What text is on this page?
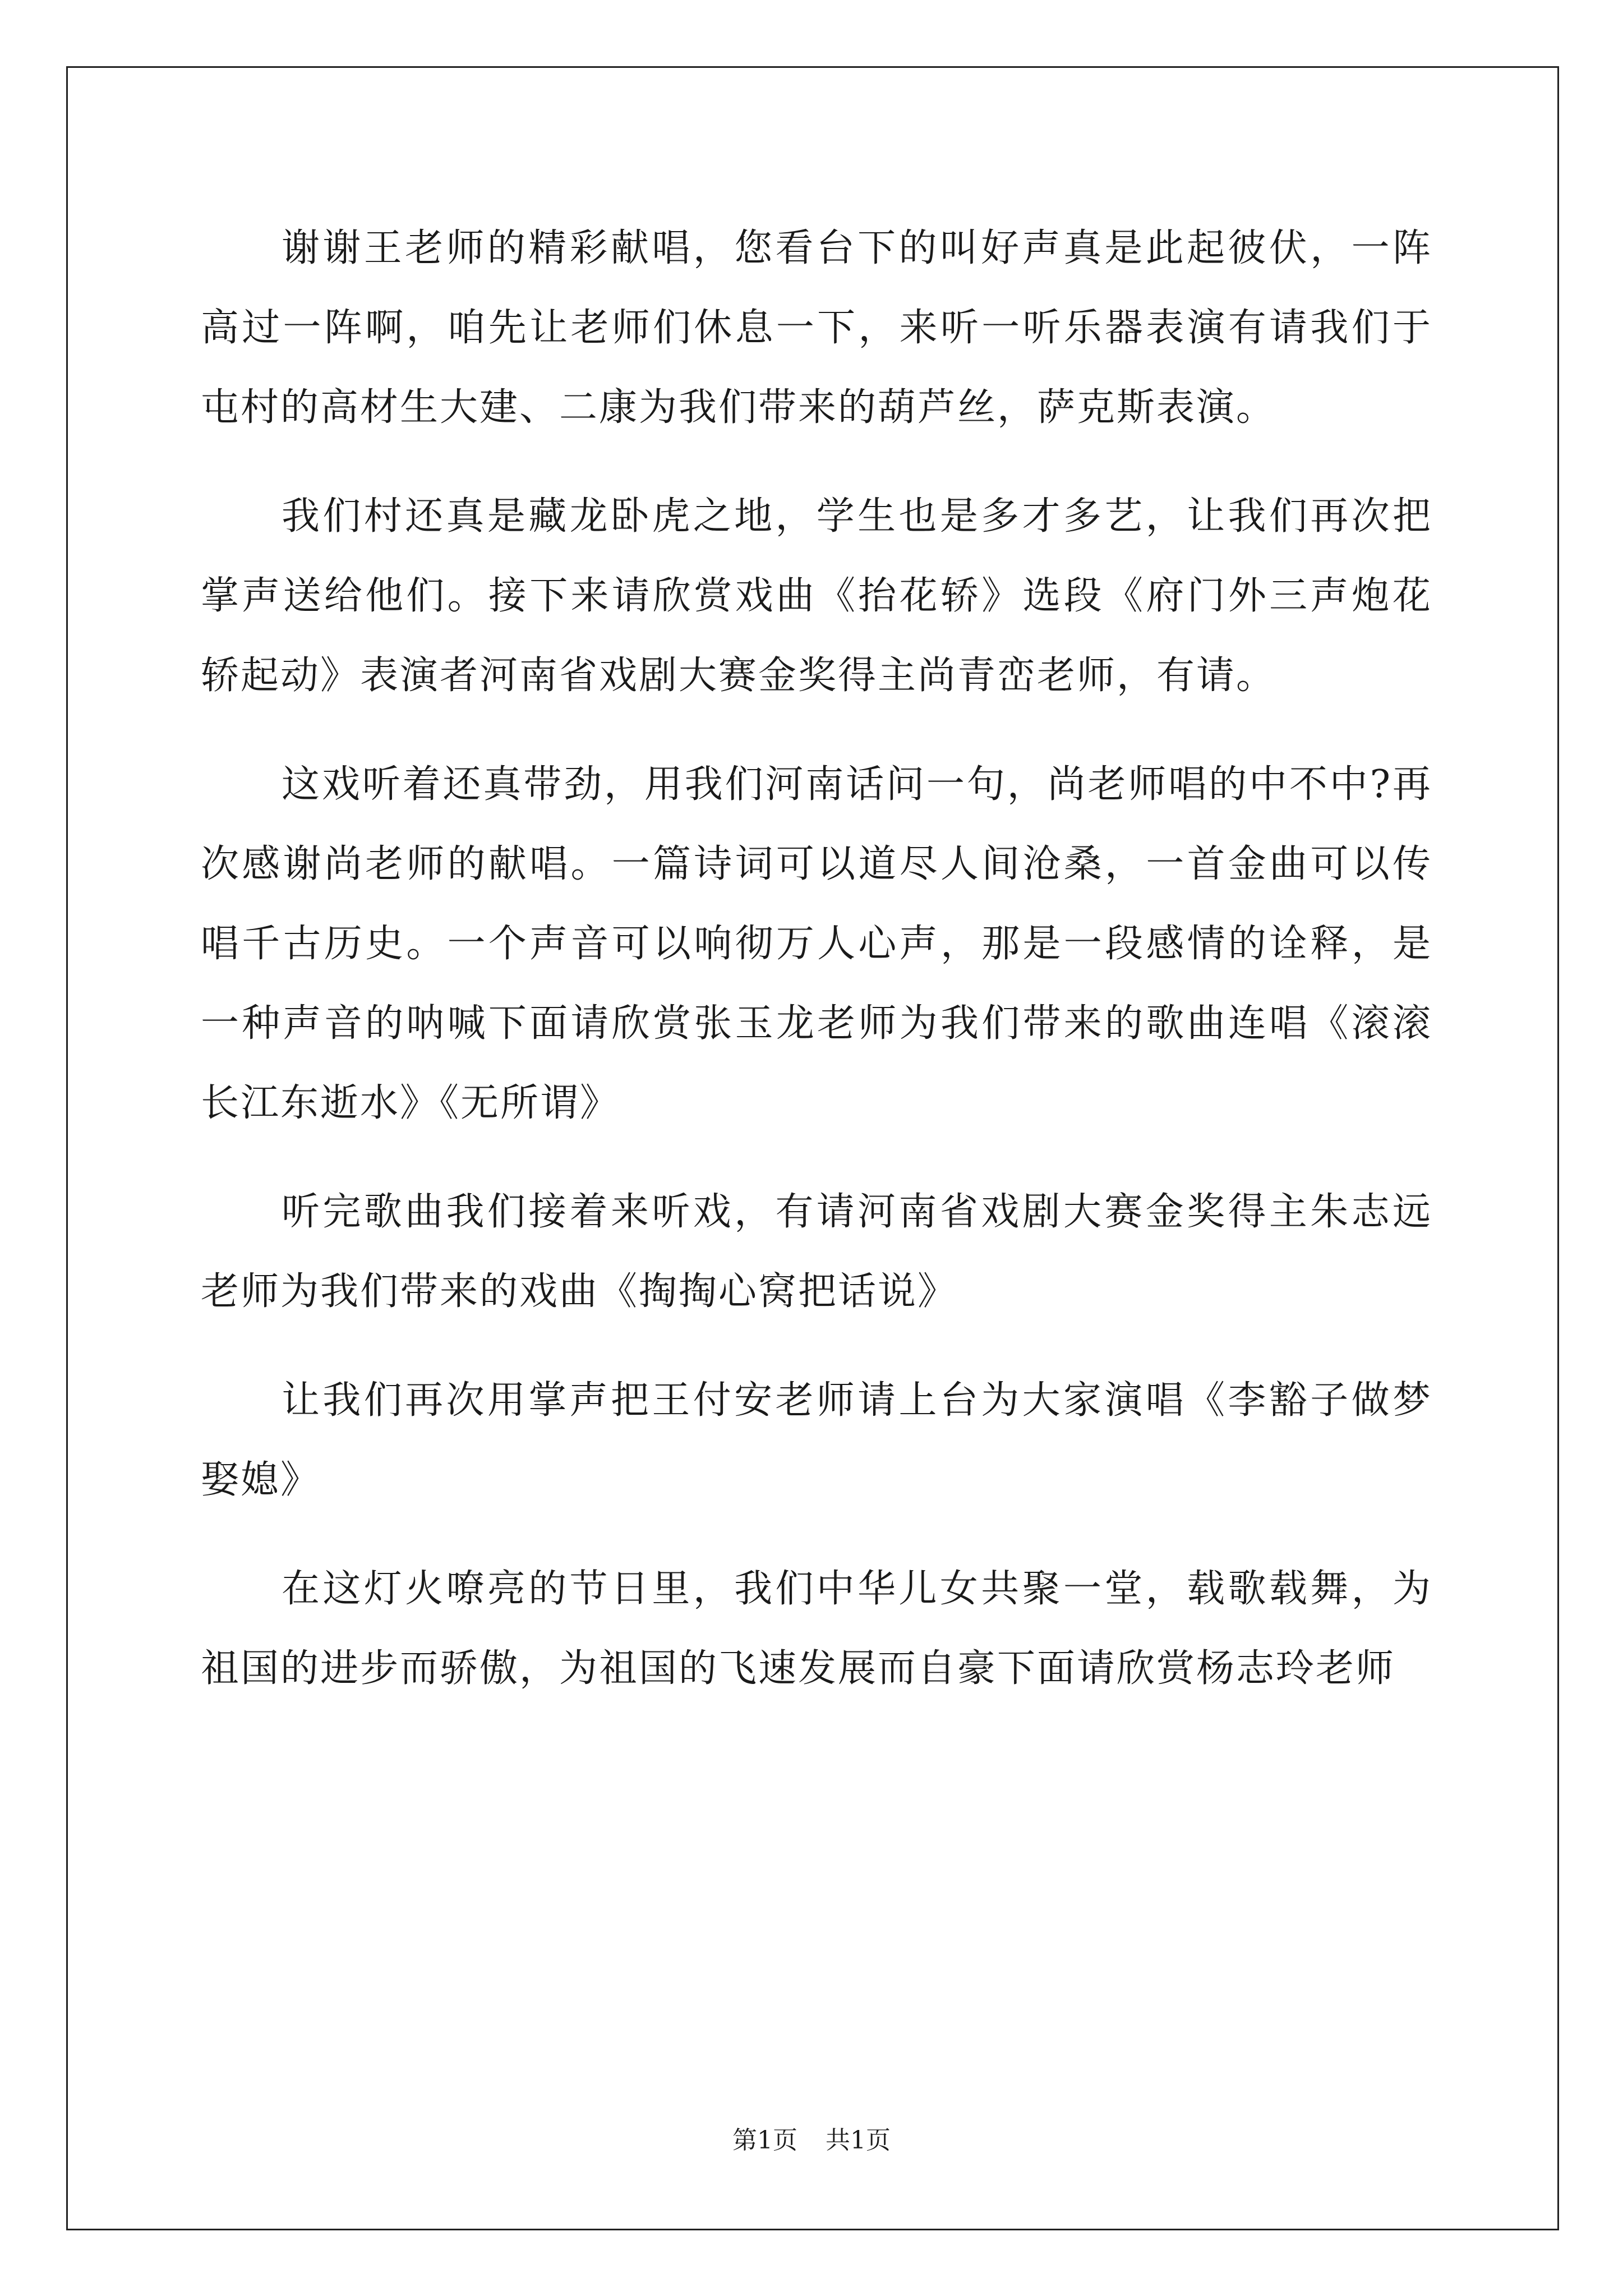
谢谢王老师的精彩献唱，您看台下的叫好声真是此起彼伏，一阵高过一阵啊，咱先让老师们休息一下，来听一听乐器表演有请我们于屯村的高材生大建、二康为我们带来的葫芦丝，萨克斯表演。

我们村还真是藏龙卧虎之地，学生也是多才多艺，让我们再次把掌声送给他们。接下来请欣赏戏曲《抬花轿》选段《府门外三声炮花轿起动》表演者河南省戏剧大赛金奖得主尚青峦老师，有请。

这戏听着还真带劲，用我们河南话问一句，尚老师唱的中不中?再次感谢尚老师的献唱。一篇诗词可以道尽人间沧桑，一首金曲可以传唱千古历史。一个声音可以响彻万人心声，那是一段感情的诠释，是一种声音的呐喊下面请欣赏张玉龙老师为我们带来的歌曲连唱《滚滚长江东逝水》《无所谓》

听完歌曲我们接着来听戏，有请河南省戏剧大赛金奖得主朱志远老师为我们带来的戏曲《掏掏心窝把话说》

让我们再次用掌声把王付安老师请上台为大家演唱《李豁子做梦娶媳》

在这灯火嘹亮的节日里，我们中华儿女共聚一堂，载歌载舞，为祖国的进步而骄傲，为祖国的飞速发展而自豪下面请欣赏杨志玲老师

第1页 共1页
